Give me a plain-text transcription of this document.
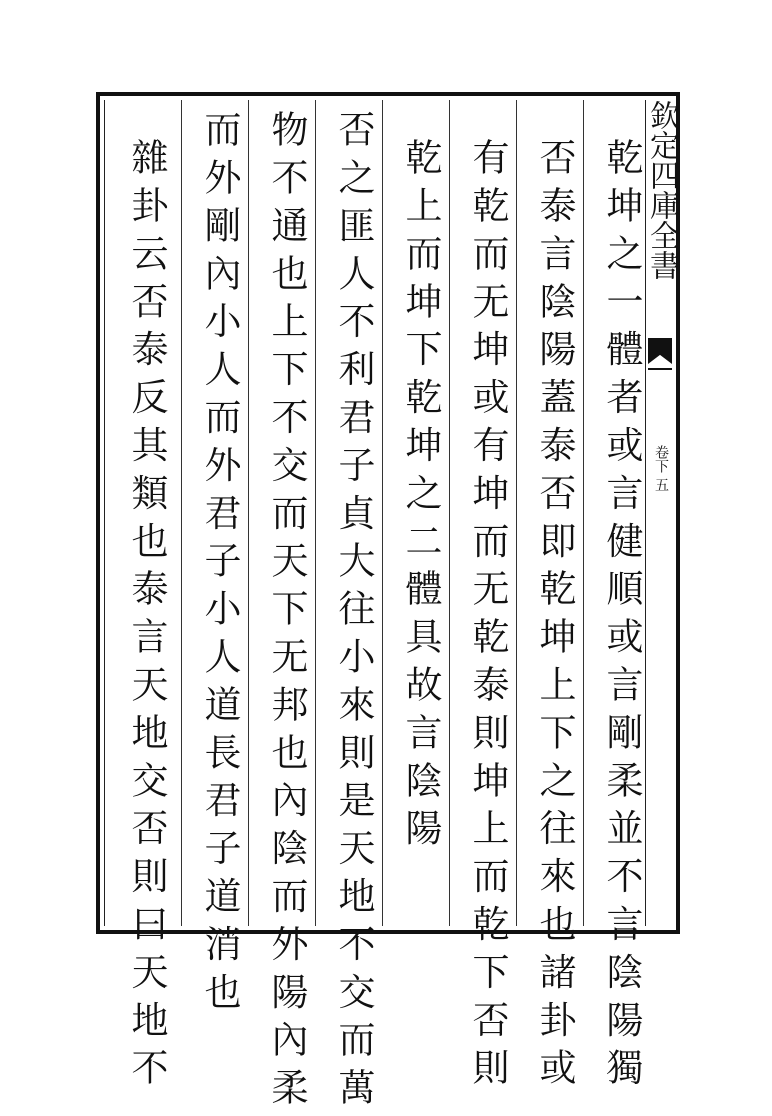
欽定四庫全書
卷下 五
乾坤之一體者或言健順或言剛柔並不言陰陽獨
否泰言陰陽蓋泰否即乾坤上下之往來也諸卦或
有乾而无坤或有坤而无乾泰則坤上而乾下否則
乾上而坤下乾坤之二體具故言陰陽
否之匪人不利君子貞大往小來則是天地不交而萬
物不通也上下不交而天下无邦也內陰而外陽內柔
而外剛內小人而外君子小人道長君子道消也
雜卦云否泰反其類也泰言天地交否則曰天地不
